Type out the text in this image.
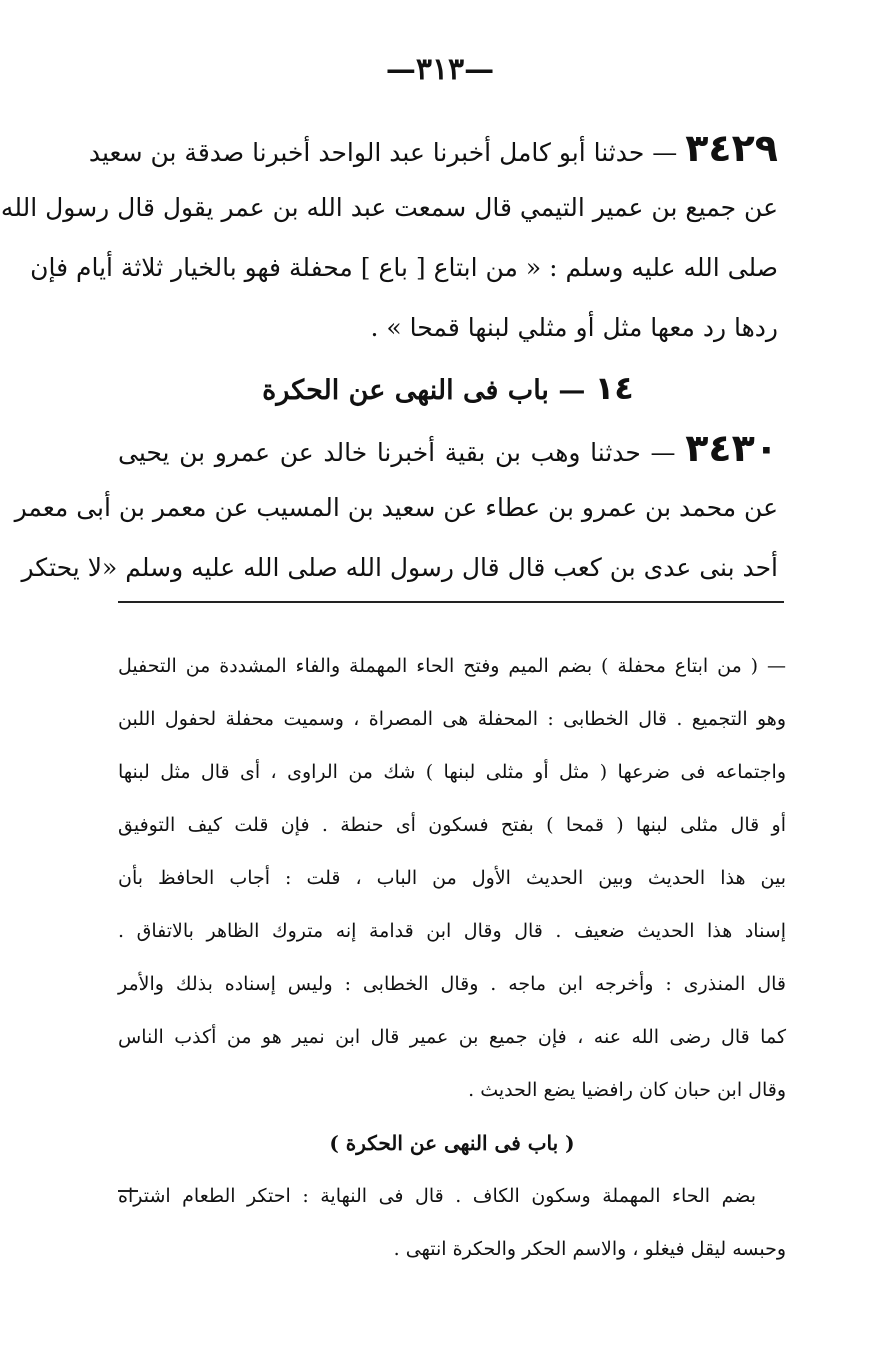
—٣١٣—
٣٤٢٩ — حدثنا أبو كامل أخبرنا عبد الواحد أخبرنا صدقة بن سعيد
عن جميع بن عمير التيمي قال سمعت عبد الله بن عمر يقول قال رسول الله
صلى الله عليه وسلم : « من ابتاع [ باع ] محفلة فهو بالخيار ثلاثة أيام فإن
ردها رد معها مثل أو مثلي لبنها قمحا » .
١٤ — باب فى النهى عن الحكرة
٣٤٣٠ — حدثنا وهب بن بقية أخبرنا خالد عن عمرو بن يحيى
عن محمد بن عمرو بن عطاء عن سعيد بن المسيب عن معمر بن أبى معمر
أحد بنى عدى بن كعب قال قال رسول الله صلى الله عليه وسلم «لا يحتكر
— ( من ابتاع محفلة ) بضم الميم وفتح الحاء المهملة والفاء المشددة من التحفيل
وهو التجميع . قال الخطابى : المحفلة هى المصراة ، وسميت محفلة لحفول اللبن
واجتماعه فى ضرعها ( مثل أو مثلى لبنها ) شك من الراوى ، أى قال مثل لبنها
أو قال مثلى لبنها ( قمحا ) بفتح فسكون أى حنطة . فإن قلت كيف التوفيق
بين هذا الحديث وبين الحديث الأول من الباب ، قلت : أجاب الحافظ بأن
إسناد هذا الحديث ضعيف . قال وقال ابن قدامة إنه متروك الظاهر بالاتفاق .
قال المنذرى : وأخرجه ابن ماجه . وقال الخطابى : وليس إسناده بذلك والأمر
كما قال رضى الله عنه ، فإن جميع بن عمير قال ابن نمير هو من أكذب الناس
وقال ابن حبان كان رافضيا يضع الحديث .
( باب فى النهى عن الحكرة )
بضم الحاء المهملة وسكون الكاف . قال فى النهاية : احتكر الطعام اشتراه
وحبسه ليقل فيغلو ، والاسم الحكر والحكرة انتهى .
